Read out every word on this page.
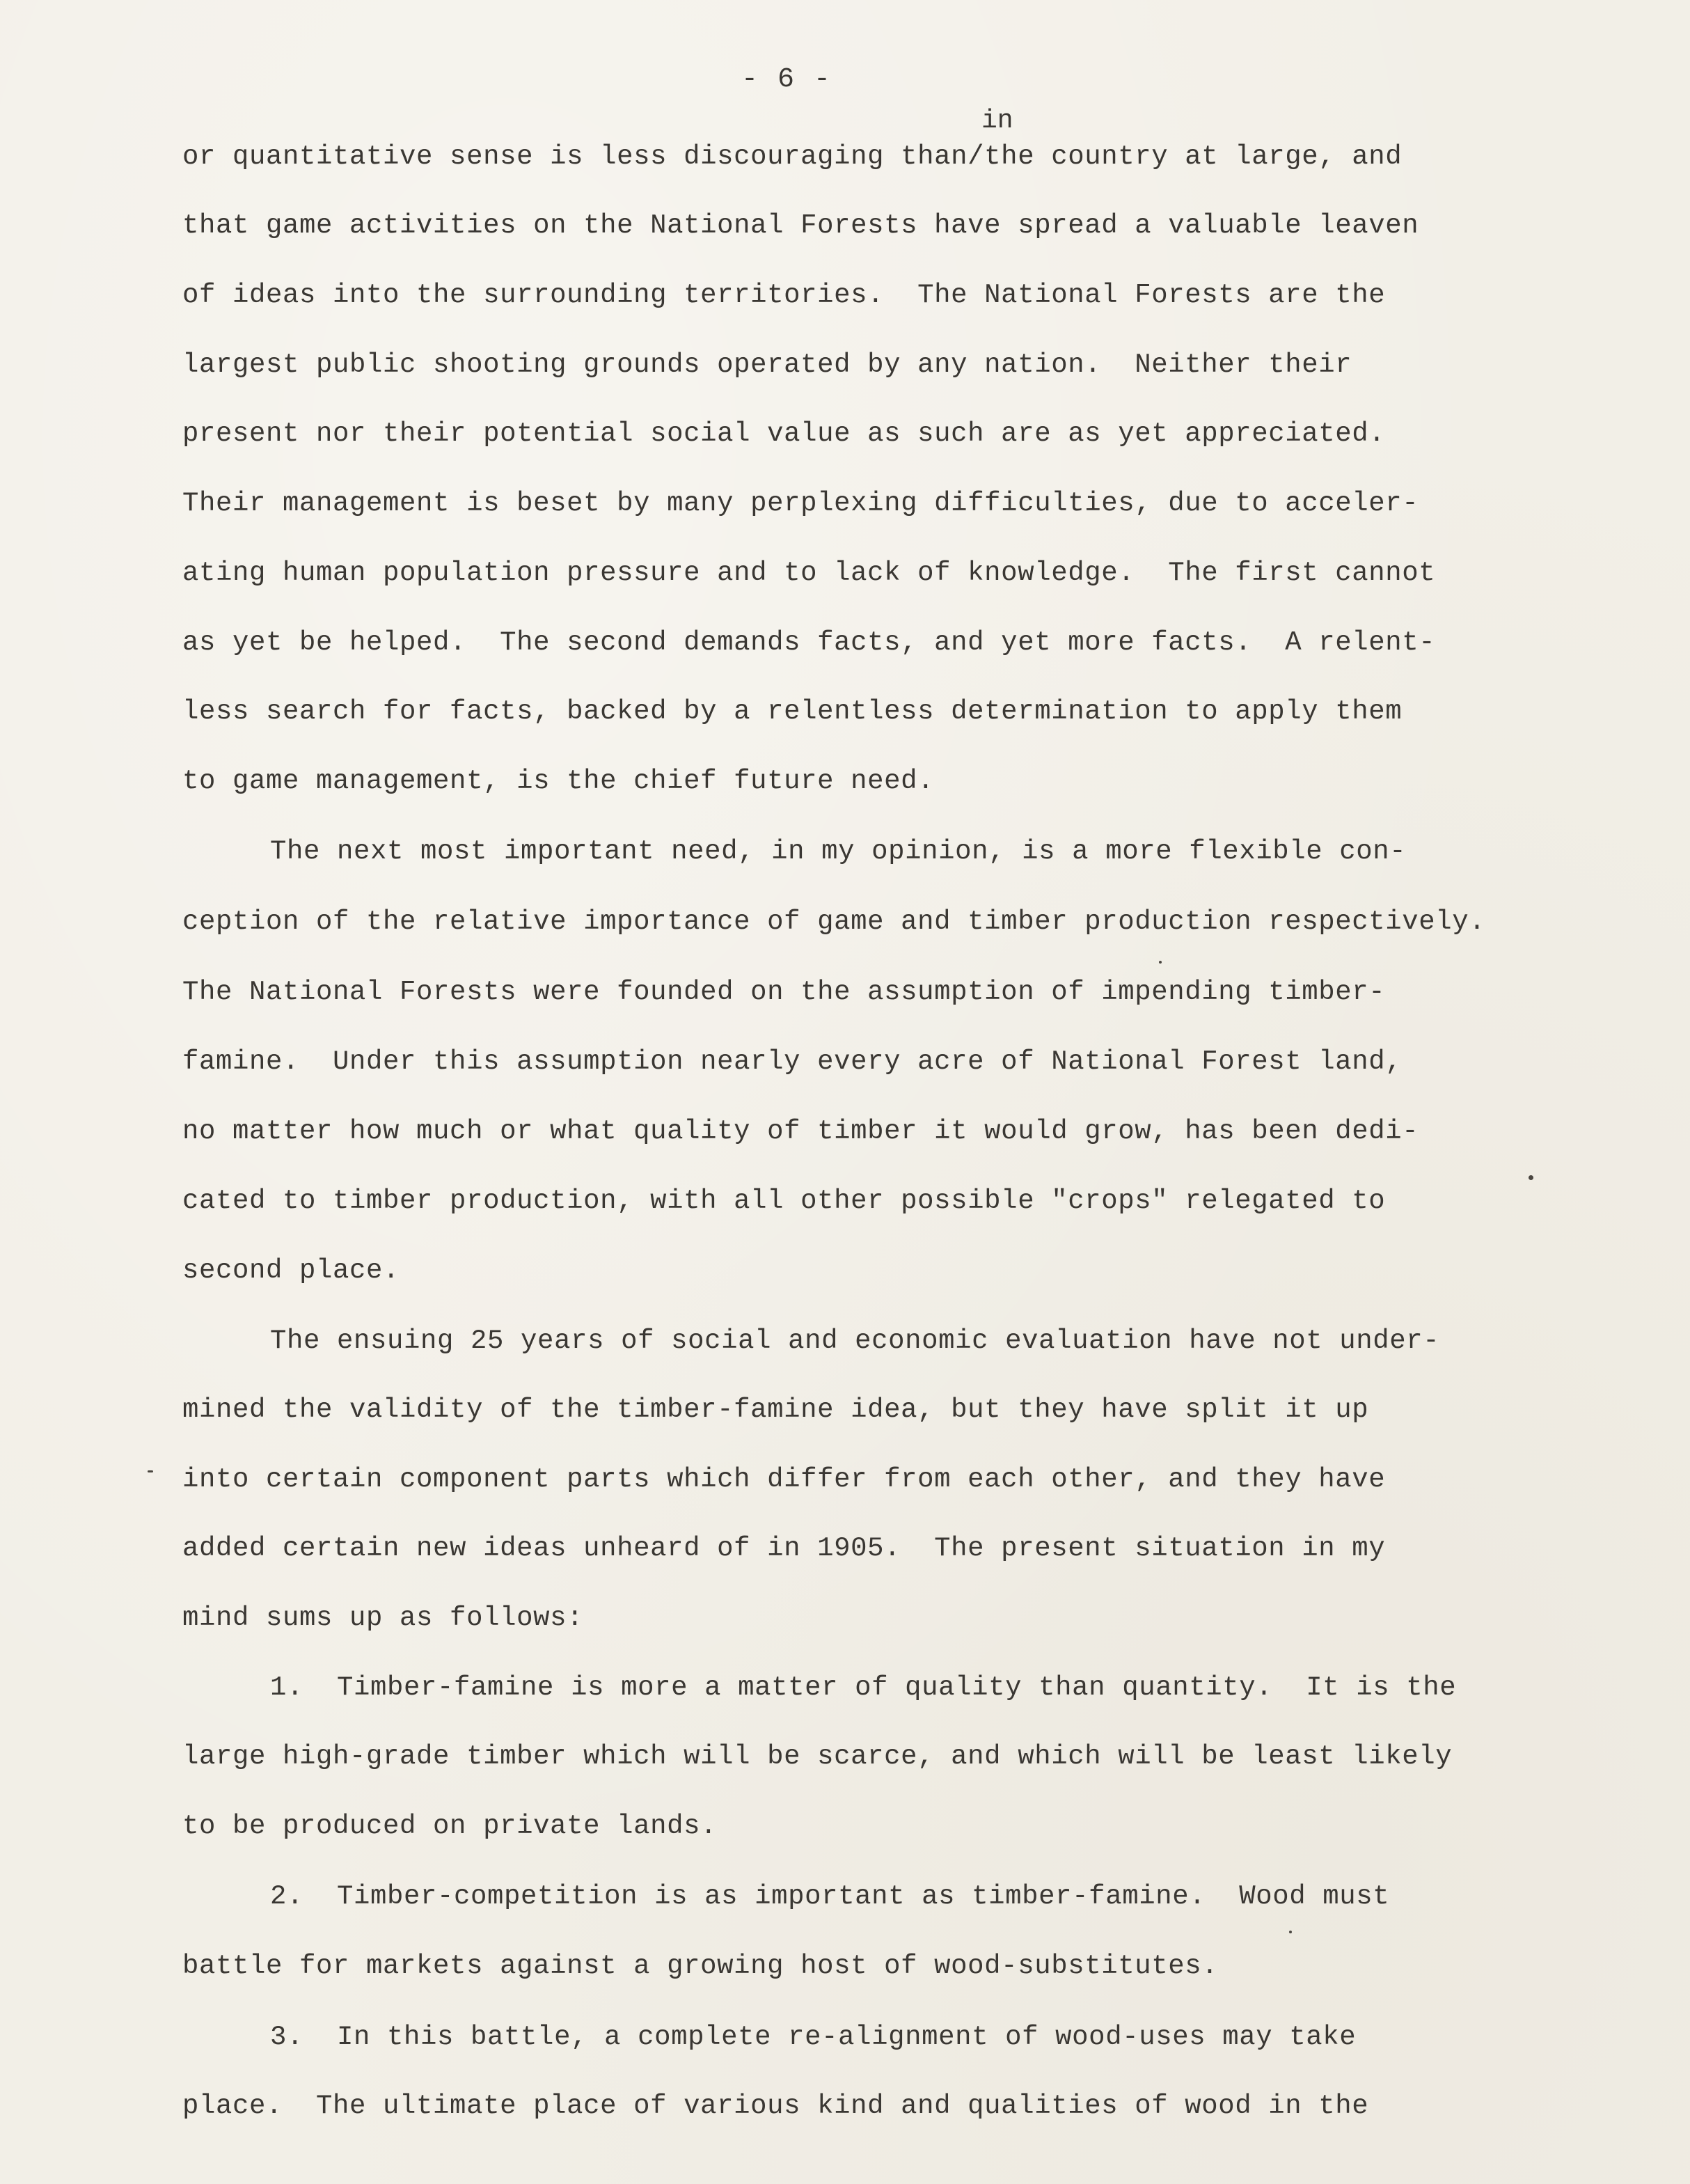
- 6 -
in
or quantitative sense is less discouraging than/the country at large, and
that game activities on the National Forests have spread a valuable leaven
of ideas into the surrounding territories.  The National Forests are the
largest public shooting grounds operated by any nation.  Neither their
present nor their potential social value as such are as yet appreciated.
Their management is beset by many perplexing difficulties, due to acceler-
ating human population pressure and to lack of knowledge.  The first cannot
as yet be helped.  The second demands facts, and yet more facts.  A relent-
less search for facts, backed by a relentless determination to apply them
to game management, is the chief future need.
The next most important need, in my opinion, is a more flexible con-
ception of the relative importance of game and timber production respectively.
The National Forests were founded on the assumption of impending timber-
famine.  Under this assumption nearly every acre of National Forest land,
no matter how much or what quality of timber it would grow, has been dedi-
cated to timber production, with all other possible "crops" relegated to
second place.
The ensuing 25 years of social and economic evaluation have not under-
mined the validity of the timber-famine idea, but they have split it up
into certain component parts which differ from each other, and they have
added certain new ideas unheard of in 1905.  The present situation in my
mind sums up as follows:
1.  Timber-famine is more a matter of quality than quantity.  It is the
large high-grade timber which will be scarce, and which will be least likely
to be produced on private lands.
2.  Timber-competition is as important as timber-famine.  Wood must
battle for markets against a growing host of wood-substitutes.
3.  In this battle, a complete re-alignment of wood-uses may take
place.  The ultimate place of various kind and qualities of wood in the
